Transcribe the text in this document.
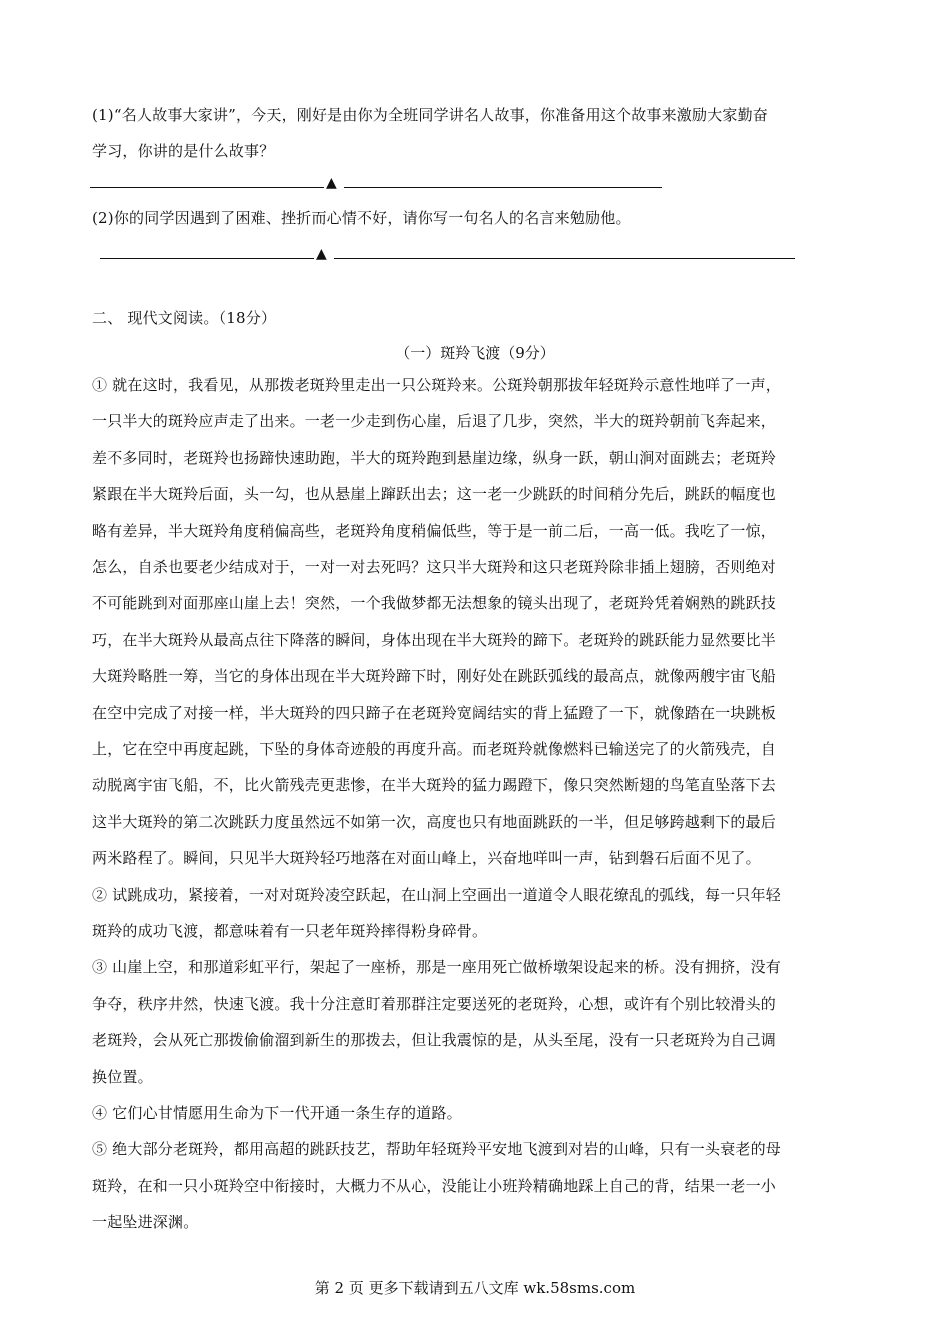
(1)“名人故事大家讲”，今天，刚好是由你为全班同学讲名人故事，你准备用这个故事来激励大家勤奋
学习，你讲的是什么故事？
▲
(2)你的同学因遇到了困难、挫折而心情不好，请你写一句名人的名言来勉励他。
▲
二、 现代文阅读。（18分）
（一）斑羚飞渡（9分）
① 就在这时，我看见，从那拨老斑羚里走出一只公斑羚来。公斑羚朝那拔年轻斑羚示意性地咩了一声，
一只半大的斑羚应声走了出来。一老一少走到伤心崖，后退了几步，突然，半大的斑羚朝前飞奔起来，
差不多同时，老斑羚也扬蹄快速助跑，半大的斑羚跑到悬崖边缘，纵身一跃，朝山涧对面跳去；老斑羚
紧跟在半大斑羚后面，头一勾，也从悬崖上蹿跃出去；这一老一少跳跃的时间稍分先后，跳跃的幅度也
略有差异，半大斑羚角度稍偏高些，老斑羚角度稍偏低些，等于是一前二后，一高一低。我吃了一惊，
怎么，自杀也要老少结成对于，一对一对去死吗？这只半大斑羚和这只老斑羚除非插上翅膀，否则绝对
不可能跳到对面那座山崖上去！突然，一个我做梦都无法想象的镜头出现了，老斑羚凭着娴熟的跳跃技
巧，在半大斑羚从最高点往下降落的瞬间，身体出现在半大斑羚的蹄下。老斑羚的跳跃能力显然要比半
大斑羚略胜一筹，当它的身体出现在半大斑羚蹄下时，刚好处在跳跃弧线的最高点，就像两艘宇宙飞船
在空中完成了对接一样，半大斑羚的四只蹄子在老斑羚宽阔结实的背上猛蹬了一下，就像踏在一块跳板
上，它在空中再度起跳，下坠的身体奇迹般的再度升高。而老斑羚就像燃料已输送完了的火箭残壳，自
动脱离宇宙飞船，不，比火箭残壳更悲惨，在半大斑羚的猛力踢蹬下，像只突然断翅的鸟笔直坠落下去
这半大斑羚的第二次跳跃力度虽然远不如第一次，高度也只有地面跳跃的一半，但足够跨越剩下的最后
两米路程了。瞬间，只见半大斑羚轻巧地落在对面山峰上，兴奋地咩叫一声，钻到磐石后面不见了。
② 试跳成功，紧接着，一对对斑羚凌空跃起，在山洞上空画出一道道令人眼花缭乱的弧线，每一只年轻
斑羚的成功飞渡，都意味着有一只老年斑羚摔得粉身碎骨。
③ 山崖上空，和那道彩虹平行，架起了一座桥，那是一座用死亡做桥墩架设起来的桥。没有拥挤，没有
争夺，秩序井然，快速飞渡。我十分注意盯着那群注定要送死的老斑羚，心想，或许有个别比较滑头的
老斑羚，会从死亡那拨偷偷溜到新生的那拨去，但让我震惊的是，从头至尾，没有一只老斑羚为自己调
换位置。
④ 它们心甘情愿用生命为下一代开通一条生存的道路。
⑤ 绝大部分老斑羚，都用高超的跳跃技艺，帮助年轻斑羚平安地飞渡到对岩的山峰，只有一头衰老的母
斑羚，在和一只小斑羚空中衔接时，大概力不从心，没能让小班羚精确地踩上自己的背，结果一老一小
一起坠进深渊。
第 2 页 更多下载请到五八文库 wk.58sms.com
